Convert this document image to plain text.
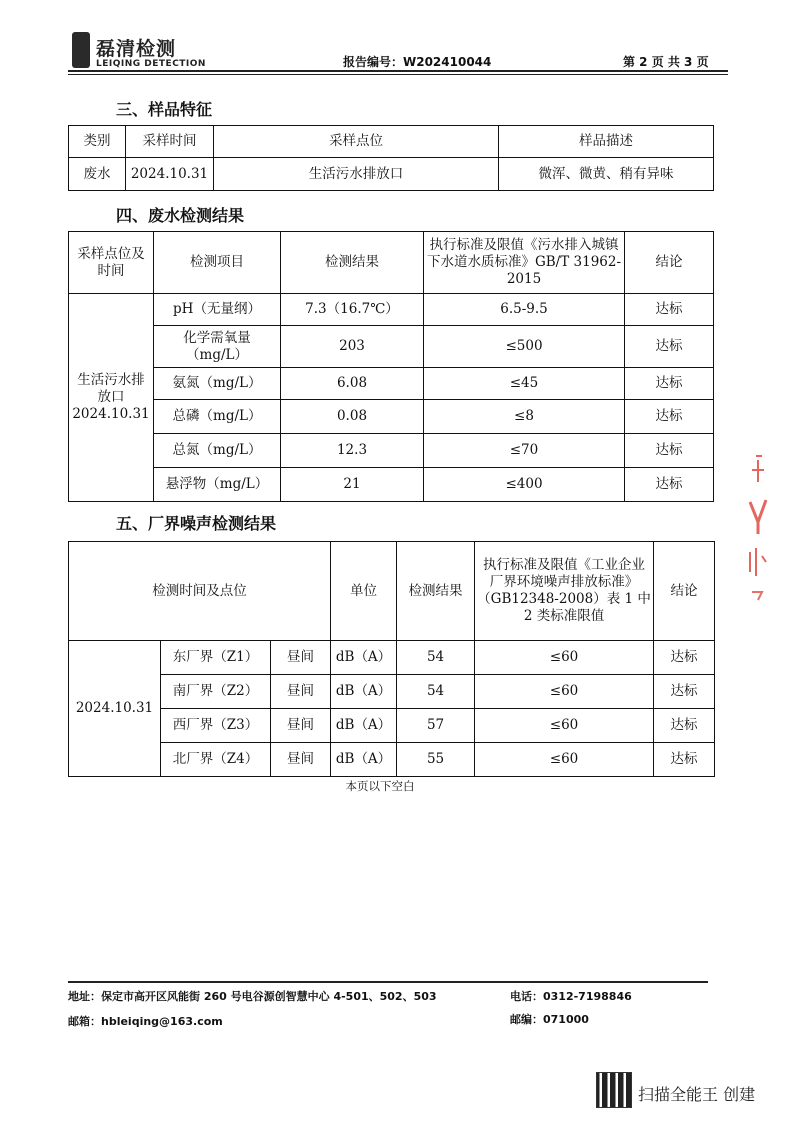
磊清检测
LEIQING DETECTION	报告编号：W202410044	第 2 页 共 3 页
三、样品特征
类别	采样时间	采样点位	样品描述
废水	2024.10.31	生活污水排放口	微浑、微黄、稍有异味
四、废水检测结果
采样点位及时间	检测项目	检测结果	执行标准及限值《污水排入城镇下水道水质标准》GB/T 31962-2015	结论
生活污水排放口 2024.10.31	pH（无量纲）	7.3（16.7℃）	6.5-9.5	达标
	化学需氧量（mg/L）	203	≤500	达标
	氨氮（mg/L）	6.08	≤45	达标
	总磷（mg/L）	0.08	≤8	达标
	总氮（mg/L）	12.3	≤70	达标
	悬浮物（mg/L）	21	≤400	达标
五、厂界噪声检测结果
检测时间及点位			单位	检测结果	执行标准及限值《工业企业厂界环境噪声排放标准》（GB12348-2008）表 1 中 2 类标准限值	结论
2024.10.31	东厂界（Z1）	昼间	dB（A）	54	≤60	达标
	南厂界（Z2）	昼间	dB（A）	54	≤60	达标
	西厂界（Z3）	昼间	dB（A）	57	≤60	达标
	北厂界（Z4）	昼间	dB（A）	55	≤60	达标
本页以下空白
地址：保定市高开区风能街 260 号电谷源创智慧中心 4-501、502、503	电话：0312-7198846
邮箱：hbleiqing@163.com	邮编：071000
扫描全能王 创建
